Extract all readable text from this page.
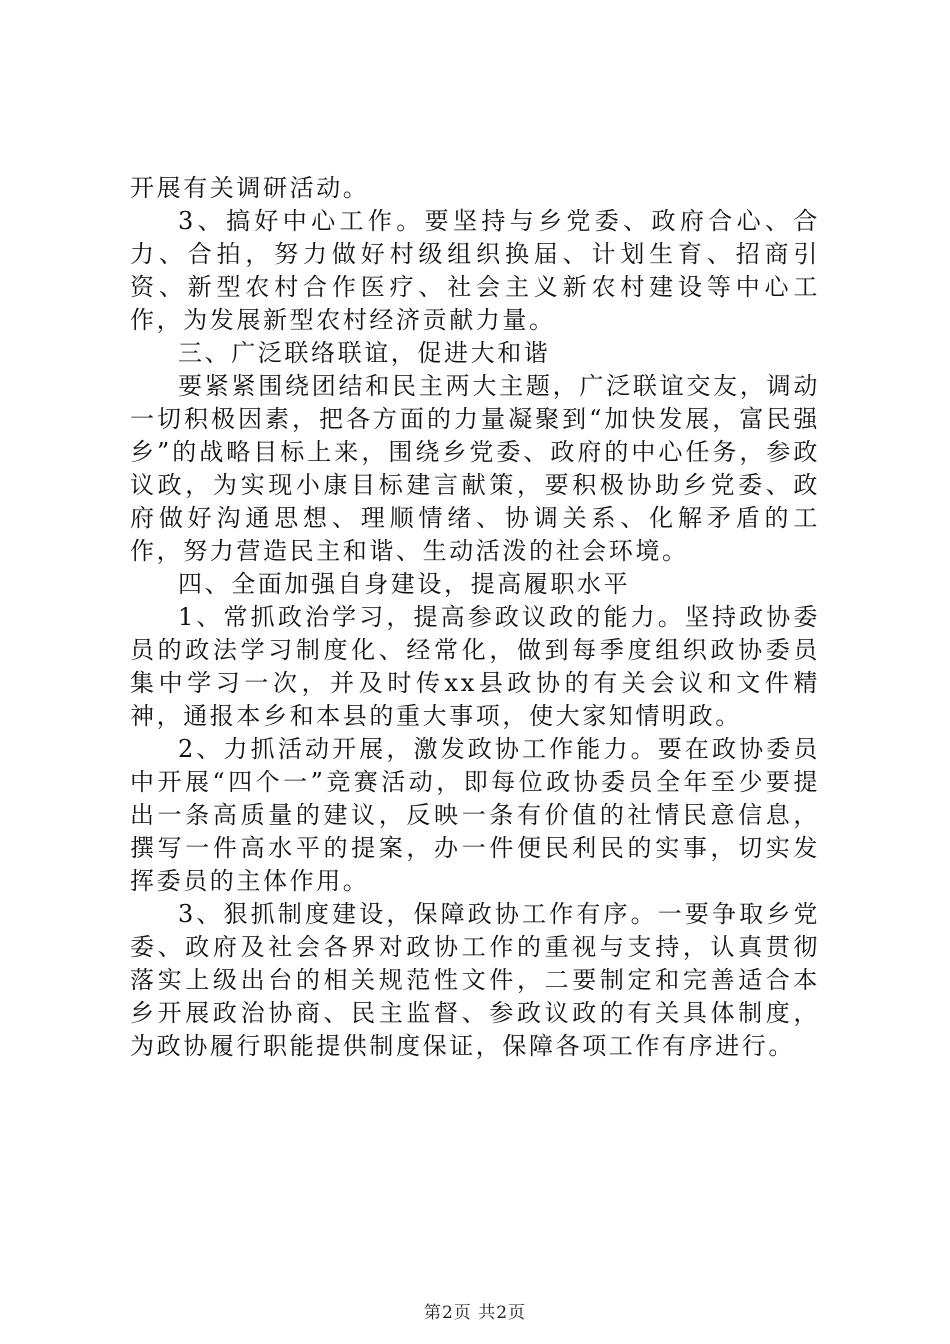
开展有关调研活动。

3、搞好中心工作。要坚持与乡党委、政府合心、合力、合拍，努力做好村级组织换届、计划生育、招商引资、新型农村合作医疗、社会主义新农村建设等中心工作，为发展新型农村经济贡献力量。

三、广泛联络联谊，促进大和谐

要紧紧围绕团结和民主两大主题，广泛联谊交友，调动一切积极因素，把各方面的力量凝聚到“加快发展，富民强乡”的战略目标上来，围绕乡党委、政府的中心任务，参政议政，为实现小康目标建言献策，要积极协助乡党委、政府做好沟通思想、理顺情绪、协调关系、化解矛盾的工作，努力营造民主和谐、生动活泼的社会环境。

四、全面加强自身建设，提高履职水平

1、常抓政治学习，提高参政议政的能力。坚持政协委员的政法学习制度化、经常化，做到每季度组织政协委员集中学习一次，并及时传xx县政协的有关会议和文件精神，通报本乡和本县的重大事项，使大家知情明政。

2、力抓活动开展，激发政协工作能力。要在政协委员中开展“四个一”竞赛活动，即每位政协委员全年至少要提出一条高质量的建议，反映一条有价值的社情民意信息，撰写一件高水平的提案，办一件便民利民的实事，切实发挥委员的主体作用。

3、狠抓制度建设，保障政协工作有序。一要争取乡党委、政府及社会各界对政协工作的重视与支持，认真贯彻落实上级出台的相关规范性文件，二要制定和完善适合本乡开展政治协商、民主监督、参政议政的有关具体制度，为政协履行职能提供制度保证，保障各项工作有序进行。

第2页 共2页
